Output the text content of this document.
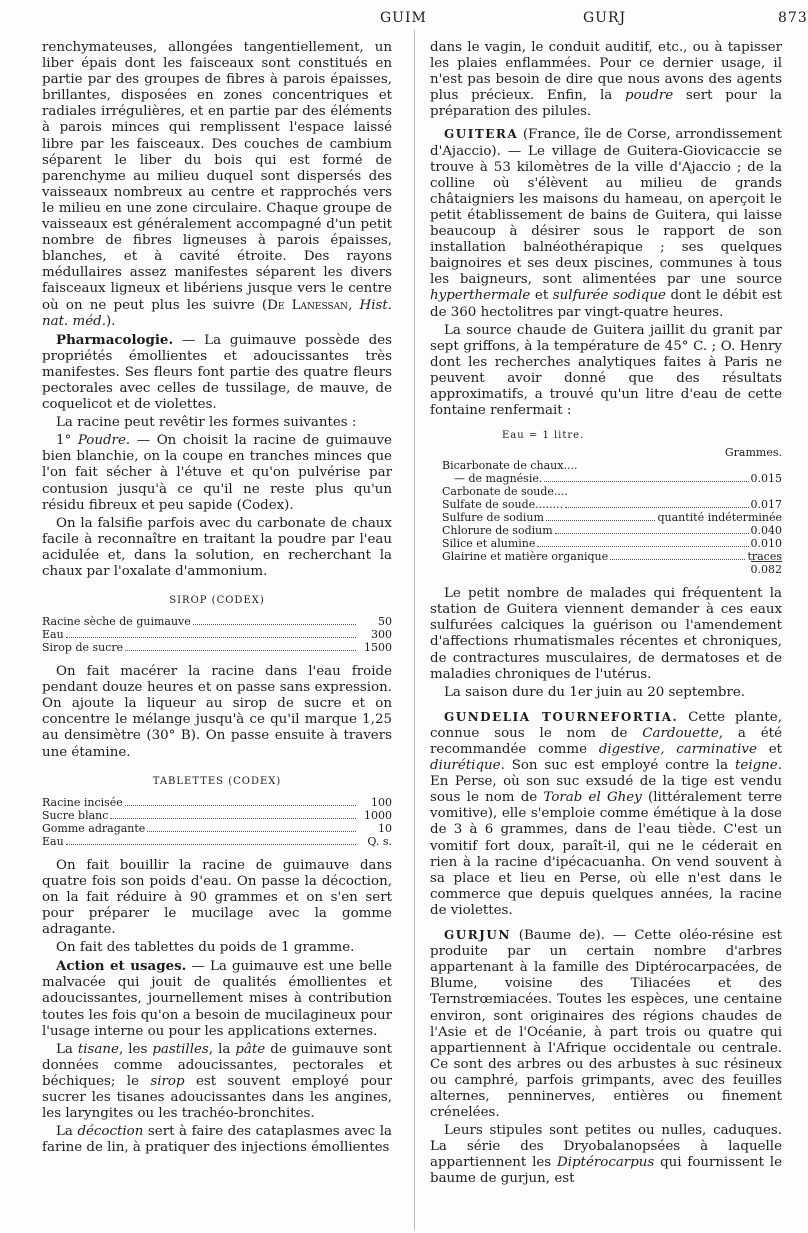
GUIM	GURJ	873

renchymateuses, allongées tangentiellement, un liber épais dont les faisceaux sont constitués en partie par des groupes de fibres à parois épaisses, brillantes, disposées en zones concentriques et radiales irrégulières, et en partie par des éléments à parois minces qui remplissent l'espace laissé libre par les faisceaux. Des couches de cambium séparent le liber du bois qui est formé de parenchyme au milieu duquel sont dispersés des vaisseaux nombreux au centre et rapprochés vers le milieu en une zone circulaire. Chaque groupe de vaisseaux est généralement accompagné d'un petit nombre de fibres ligneuses à parois épaisses, blanches, et à cavité étroite. Des rayons médullaires assez manifestes séparent les divers faisceaux ligneux et libériens jusque vers le centre où on ne peut plus les suivre (De Lanessan, Hist. nat. méd.).

Pharmacologie. — La guimauve possède des propriétés émollientes et adoucissantes très manifestes. Ses fleurs font partie des quatre fleurs pectorales avec celles de tussilage, de mauve, de coquelicot et de violettes.

La racine peut revêtir les formes suivantes :

1° Poudre. — On choisit la racine de guimauve bien blanchie, on la coupe en tranches minces que l'on fait sécher à l'étuve et qu'on pulvérise par contusion jusqu'à ce qu'il ne reste plus qu'un résidu fibreux et peu sapide (Codex).

On la falsifie parfois avec du carbonate de chaux facile à reconnaître en traitant la poudre par l'eau acidulée et, dans la solution, en recherchant la chaux par l'oxalate d'ammonium.

SIROP (CODEX)
Racine sèche de guimauve	50
Eau	300
Sirop de sucre	1500

On fait macérer la racine dans l'eau froide pendant douze heures et on passe sans expression. On ajoute la liqueur au sirop de sucre et on concentre le mélange jusqu'à ce qu'il marque 1,25 au densimètre (30° B). On passe ensuite à travers une étamine.

TABLETTES (CODEX)
Racine incisée	100
Sucre blanc	1000
Gomme adragante	10
Eau	Q. s.

On fait bouillir la racine de guimauve dans quatre fois son poids d'eau. On passe la décoction, on la fait réduire à 90 grammes et on s'en sert pour préparer le mucilage avec la gomme adragante.

On fait des tablettes du poids de 1 gramme.

Action et usages. — La guimauve est une belle malvacée qui jouit de qualités émollientes et adoucissantes, journellement mises à contribution toutes les fois qu'on a besoin de mucilagineux pour l'usage interne ou pour les applications externes.

La tisane, les pastilles, la pâte de guimauve sont données comme adoucissantes, pectorales et béchiques; le sirop est souvent employé pour sucrer les tisanes adoucissantes dans les angines, les laryngites ou les trachéo-bronchites.

La décoction sert à faire des cataplasmes avec la farine de lin, à pratiquer des injections émollientes

dans le vagin, le conduit auditif, etc., ou à tapisser les plaies enflammées. Pour ce dernier usage, il n'est pas besoin de dire que nous avons des agents plus précieux. Enfin, la poudre sert pour la préparation des pilules.

GUITERA (France, île de Corse, arrondissement d'Ajaccio). — Le village de Guitera-Giovicaccie se trouve à 53 kilomètres de la ville d'Ajaccio ; de la colline où s'élèvent au milieu de grands châtaigniers les maisons du hameau, on aperçoit le petit établissement de bains de Guitera, qui laisse beaucoup à désirer sous le rapport de son installation balnéothérapique ; ses quelques baignoires et ses deux piscines, communes à tous les baigneurs, sont alimentées par une source hyperthermale et sulfurée sodique dont le débit est de 360 hectolitres par vingt-quatre heures.

La source chaude de Guitera jaillit du granit par sept griffons, à la température de 45° C. ; O. Henry dont les recherches analytiques faites à Paris ne peuvent avoir donné que des résultats approximatifs, a trouvé qu'un litre d'eau de cette fontaine renfermait :

Eau = 1 litre.
Grammes.
Bicarbonate de chaux....
— de magnésie.	0.015
Carbonate de soude....
Sulfate de soude........	0.017
Sulfure de sodium	quantité indéterminée
Chlorure de sodium	0.040
Silice et alumine	0.010
Glairine et matière organique	traces
0.082

Le petit nombre de malades qui fréquentent la station de Guitera viennent demander à ces eaux sulfurées calciques la guérison ou l'amendement d'affections rhumatismales récentes et chroniques, de contractures musculaires, de dermatoses et de maladies chroniques de l'utérus.

La saison dure du 1er juin au 20 septembre.

GUNDELIA TOURNEFORTIA. Cette plante, connue sous le nom de Cardouette, a été recommandée comme digestive, carminative et diurétique. Son suc est employé contre la teigne. En Perse, où son suc exsudé de la tige est vendu sous le nom de Torab el Ghey (littéralement terre vomitive), elle s'emploie comme émétique à la dose de 3 à 6 grammes, dans de l'eau tiède. C'est un vomitif fort doux, paraît-il, qui ne le céderait en rien à la racine d'ipécacuanha. On vend souvent à sa place et lieu en Perse, où elle n'est dans le commerce que depuis quelques années, la racine de violettes.

GURJUN (Baume de). — Cette oléo-résine est produite par un certain nombre d'arbres appartenant à la famille des Diptérocarpacées, de Blume, voisine des Tiliacées et des Ternstrœmiacées. Toutes les espèces, une centaine environ, sont originaires des régions chaudes de l'Asie et de l'Océanie, à part trois ou quatre qui appartiennent à l'Afrique occidentale ou centrale. Ce sont des arbres ou des arbustes à suc résineux ou camphré, parfois grimpants, avec des feuilles alternes, penninerves, entières ou finement crénelées.

Leurs stipules sont petites ou nulles, caduques. La série des Dryobalanopsées à laquelle appartiennent les Diptérocarpus qui fournissent le baume de gurjun, est
